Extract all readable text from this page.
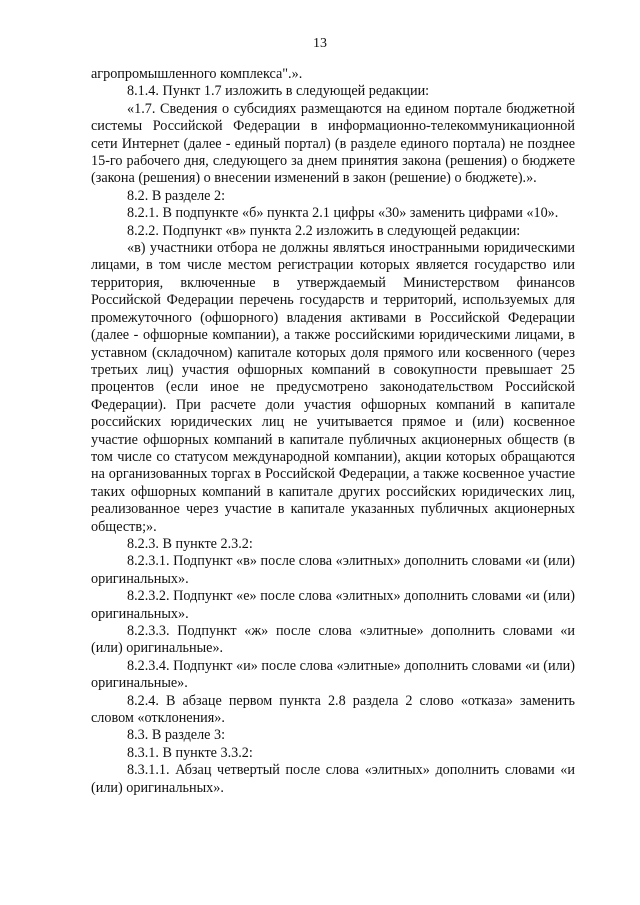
13

агропромышленного комплекса".».

8.1.4. Пункт 1.7 изложить в следующей редакции:

«1.7. Сведения о субсидиях размещаются на едином портале бюджетной системы Российской Федерации в информационно-телекоммуникационной сети Интернет (далее - единый портал) (в разделе единого портала) не позднее 15-го рабочего дня, следующего за днем принятия закона (решения) о бюджете (закона (решения) о внесении изменений в закон (решение) о бюджете).».

8.2. В разделе 2:

8.2.1. В подпункте «б» пункта 2.1 цифры «30» заменить цифрами «10».

8.2.2. Подпункт «в» пункта 2.2 изложить в следующей редакции:

«в) участники отбора не должны являться иностранными юридическими лицами, в том числе местом регистрации которых является государство или территория, включенные в утверждаемый Министерством финансов Российской Федерации перечень государств и территорий, используемых для промежуточного (офшорного) владения активами в Российской Федерации (далее - офшорные компании), а также российскими юридическими лицами, в уставном (складочном) капитале которых доля прямого или косвенного (через третьих лиц) участия офшорных компаний в совокупности превышает 25 процентов (если иное не предусмотрено законодательством Российской Федерации). При расчете доли участия офшорных компаний в капитале российских юридических лиц не учитывается прямое и (или) косвенное участие офшорных компаний в капитале публичных акционерных обществ (в том числе со статусом международной компании), акции которых обращаются на организованных торгах в Российской Федерации, а также косвенное участие таких офшорных компаний в капитале других российских юридических лиц, реализованное через участие в капитале указанных публичных акционерных обществ;».

8.2.3. В пункте 2.3.2:

8.2.3.1. Подпункт «в» после слова «элитных» дополнить словами «и (или) оригинальных».

8.2.3.2. Подпункт «е» после слова «элитных» дополнить словами «и (или) оригинальных».

8.2.3.3. Подпункт «ж» после слова «элитные» дополнить словами «и (или) оригинальные».

8.2.3.4. Подпункт «и» после слова «элитные» дополнить словами «и (или) оригинальные».

8.2.4. В абзаце первом пункта 2.8 раздела 2 слово «отказа» заменить словом «отклонения».

8.3. В разделе 3:

8.3.1. В пункте 3.3.2:

8.3.1.1. Абзац четвертый после слова «элитных» дополнить словами «и (или) оригинальных».
